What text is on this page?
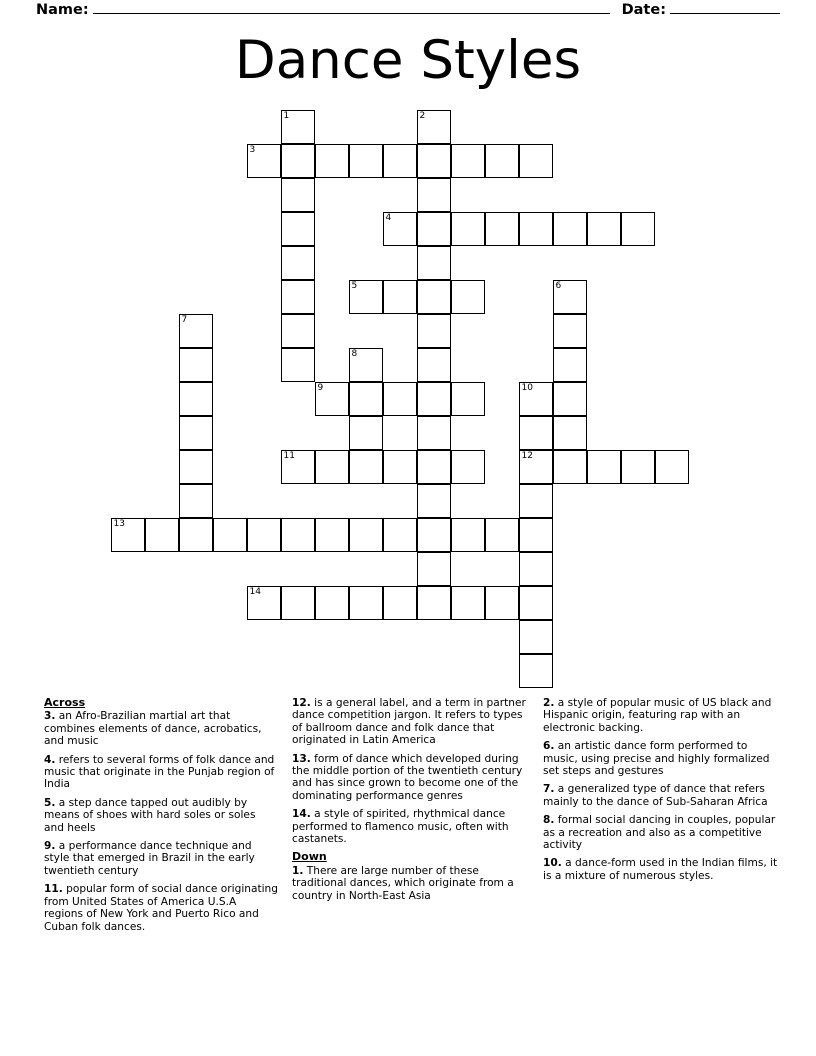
Name:	Date:
Dance Styles
1	2
3
4
5	6
7
8
9	10
11	12
13
14
Across
3. an Afro-Brazilian martial art that combines elements of dance, acrobatics, and music
4. refers to several forms of folk dance and music that originate in the Punjab region of India
5. a step dance tapped out audibly by means of shoes with hard soles or soles and heels
9. a performance dance technique and style that emerged in Brazil in the early twentieth century
11. popular form of social dance originating from United States of America U.S.A regions of New York and Puerto Rico and Cuban folk dances.
12. is a general label, and a term in partner dance competition jargon. It refers to types of ballroom dance and folk dance that originated in Latin America
13. form of dance which developed during the middle portion of the twentieth century and has since grown to become one of the dominating performance genres
14. a style of spirited, rhythmical dance performed to flamenco music, often with castanets.
Down
1. There are large number of these traditional dances, which originate from a country in North-East Asia
2. a style of popular music of US black and Hispanic origin, featuring rap with an electronic backing.
6. an artistic dance form performed to music, using precise and highly formalized set steps and gestures
7. a generalized type of dance that refers mainly to the dance of Sub-Saharan Africa
8. formal social dancing in couples, popular as a recreation and also as a competitive activity
10. a dance-form used in the Indian films, it is a mixture of numerous styles.
